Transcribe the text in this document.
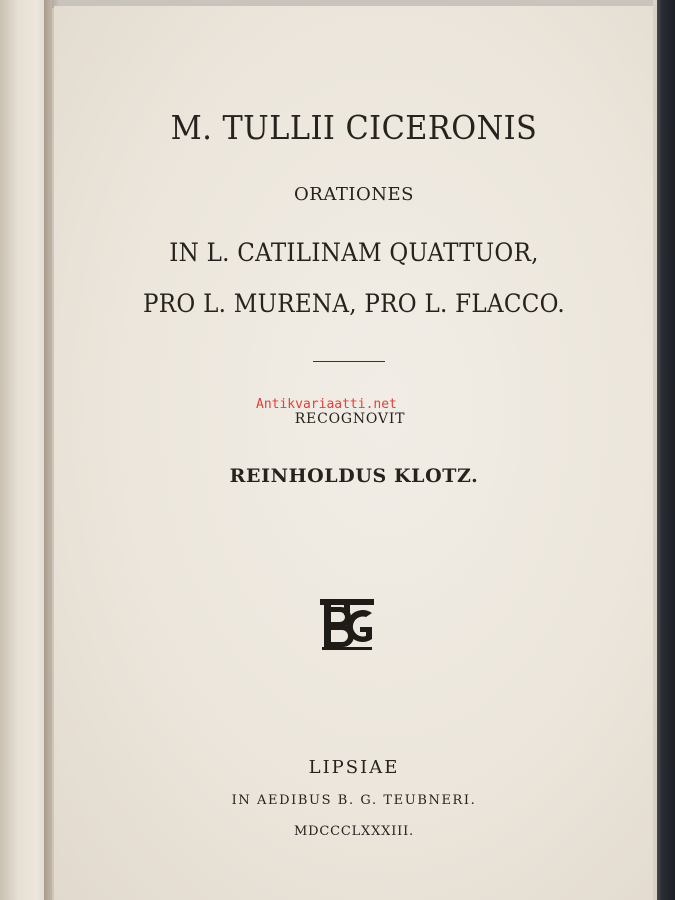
M. TULLII CICERONIS
ORATIONES
IN L. CATILINAM QUATTUOR,
PRO L. MURENA, PRO L. FLACCO.
Antikvariaatti.net
RECOGNOVIT
REINHOLDUS KLOTZ.
LIPSIAE
IN AEDIBUS B. G. TEUBNERI.
MDCCCLXXXIII.
